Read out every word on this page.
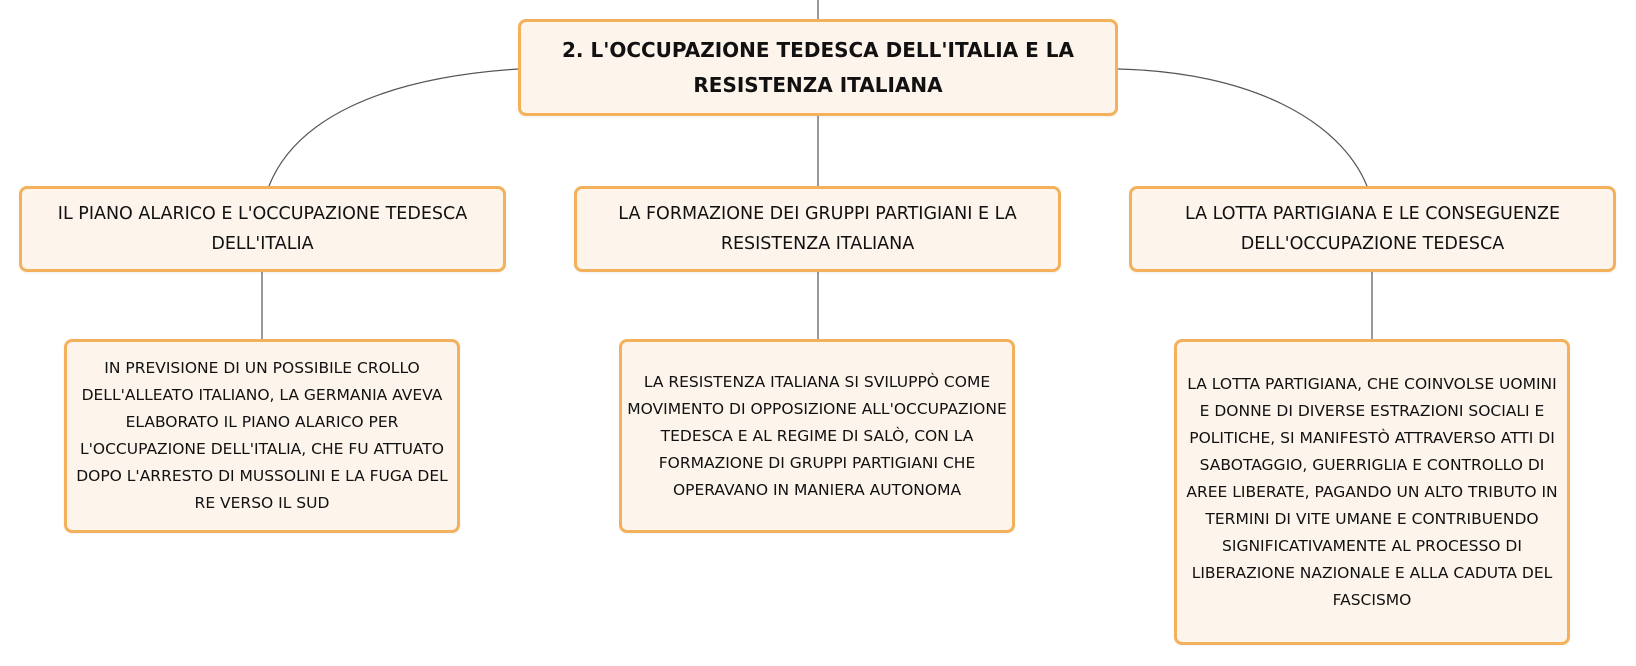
2. L'OCCUPAZIONE TEDESCA DELL'ITALIA E LA RESISTENZA ITALIANA
IL PIANO ALARICO E L'OCCUPAZIONE TEDESCA DELL'ITALIA
LA FORMAZIONE DEI GRUPPI PARTIGIANI E LA RESISTENZA ITALIANA
LA LOTTA PARTIGIANA E LE CONSEGUENZE DELL'OCCUPAZIONE TEDESCA
IN PREVISIONE DI UN POSSIBILE CROLLO DELL'ALLEATO ITALIANO, LA GERMANIA AVEVA ELABORATO IL PIANO ALARICO PER L'OCCUPAZIONE DELL'ITALIA, CHE FU ATTUATO DOPO L'ARRESTO DI MUSSOLINI E LA FUGA DEL RE VERSO IL SUD
LA RESISTENZA ITALIANA SI SVILUPPÒ COME MOVIMENTO DI OPPOSIZIONE ALL'OCCUPAZIONE TEDESCA E AL REGIME DI SALÒ, CON LA FORMAZIONE DI GRUPPI PARTIGIANI CHE OPERAVANO IN MANIERA AUTONOMA
LA LOTTA PARTIGIANA, CHE COINVOLSE UOMINI E DONNE DI DIVERSE ESTRAZIONI SOCIALI E POLITICHE, SI MANIFESTÒ ATTRAVERSO ATTI DI SABOTAGGIO, GUERRIGLIA E CONTROLLO DI AREE LIBERATE, PAGANDO UN ALTO TRIBUTO IN TERMINI DI VITE UMANE E CONTRIBUENDO SIGNIFICATIVAMENTE AL PROCESSO DI LIBERAZIONE NAZIONALE E ALLA CADUTA DEL FASCISMO
